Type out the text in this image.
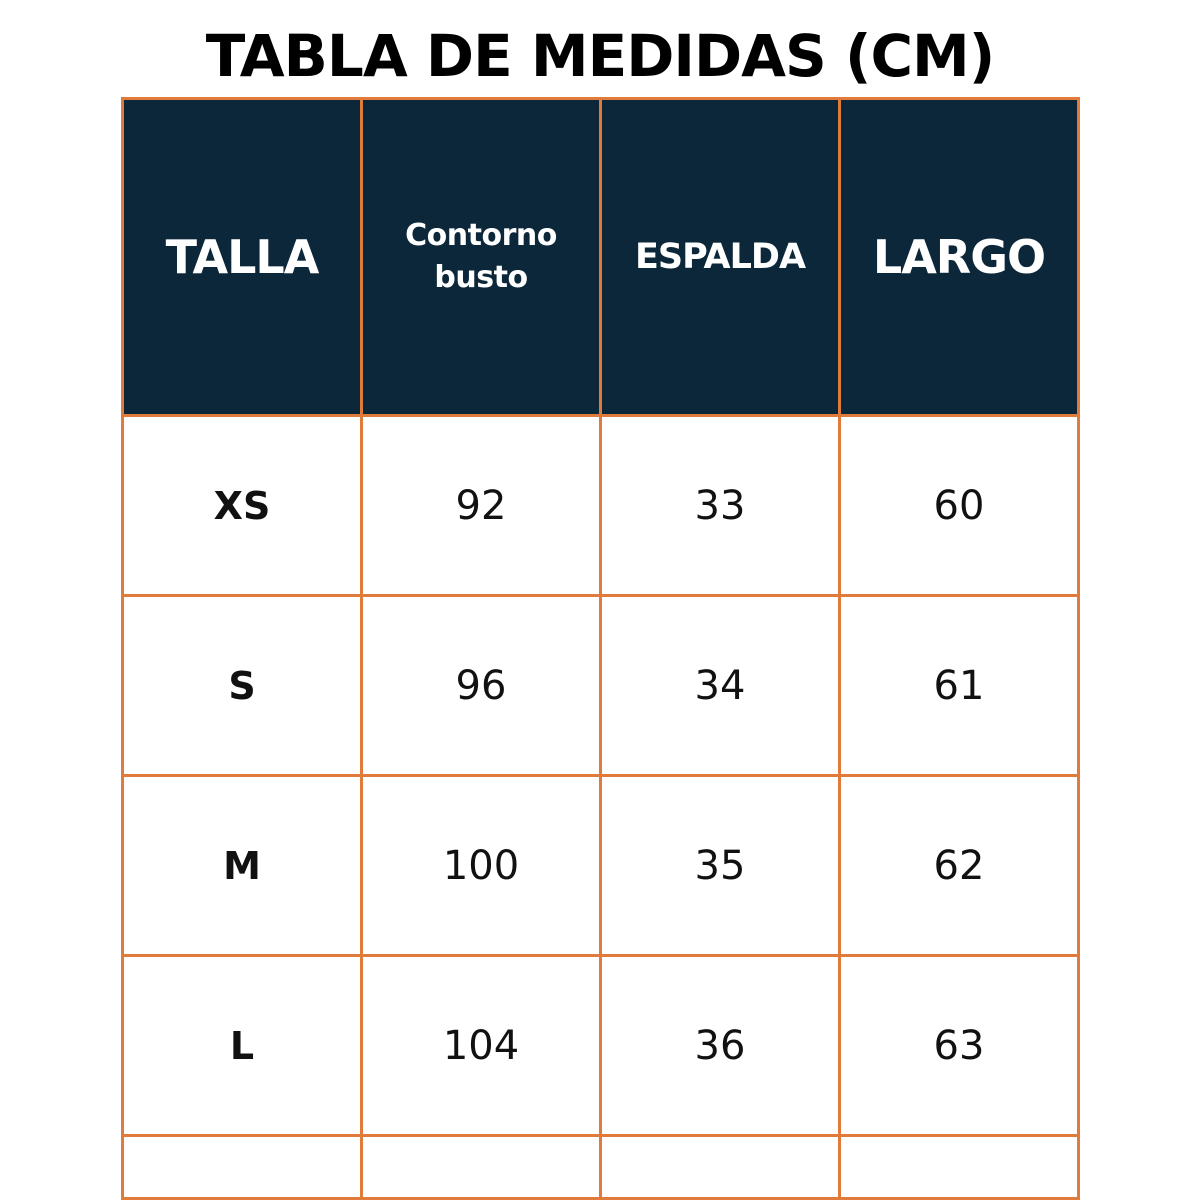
TABLA DE MEDIDAS (CM)
TALLA	Contorno busto	ESPALDA	LARGO
XS	92	33	60
S	96	34	61
M	100	35	62
L	104	36	63
